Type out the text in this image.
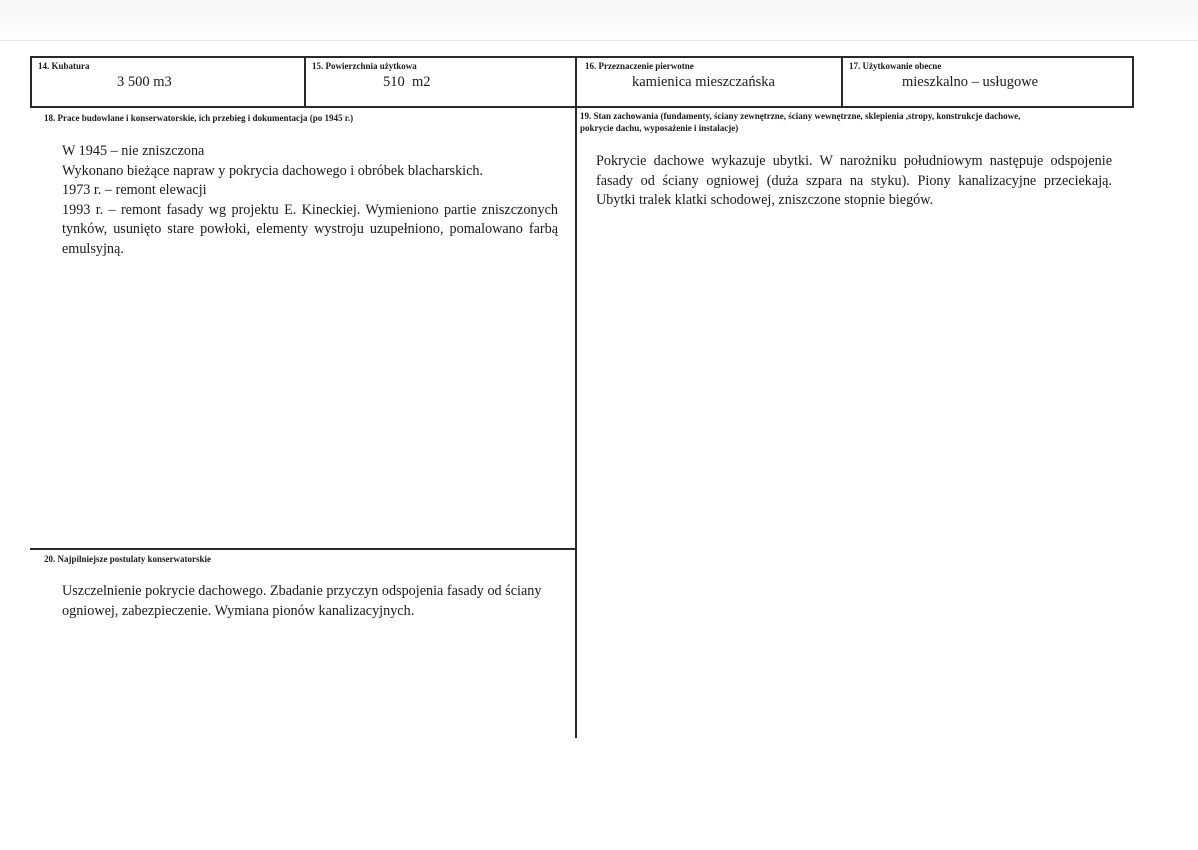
14. Kubatura
3 500 m3
15. Powierzchnia użytkowa
510  m2
16. Przeznaczenie pierwotne
kamienica mieszczańska
17. Użytkowanie obecne
mieszkalno – usługowe
18. Prace budowlane i konserwatorskie, ich przebieg i dokumentacja (po 1945 r.)

W 1945 – nie zniszczona

Wykonano bieżące napraw y pokrycia dachowego i obróbek blacharskich.

1973 r. – remont elewacji

1993 r. – remont fasady wg projektu E. Kineckiej. Wymieniono partie zniszczonych tynków, usunięto stare powłoki, elementy wystroju uzupełniono, pomalowano farbą emulsyjną.

19. Stan zachowania (fundamenty, ściany zewnętrzne, ściany wewnętrzne, sklepienia ,stropy, konstrukcje dachowe,
pokrycie dachu, wyposażenie i instalacje)
Pokrycie dachowe wykazuje ubytki. W narożniku południowym następuje odspojenie fasady od ściany ogniowej (duża szpara na styku). Piony kanalizacyjne przeciekają. Ubytki tralek klatki schodowej, zniszczone stopnie biegów.
20. Najpilniejsze postulaty konserwatorskie
Uszczelnienie pokrycie dachowego. Zbadanie przyczyn odspojenia fasady od ściany ogniowej, zabezpieczenie. Wymiana pionów kanalizacyjnych.
